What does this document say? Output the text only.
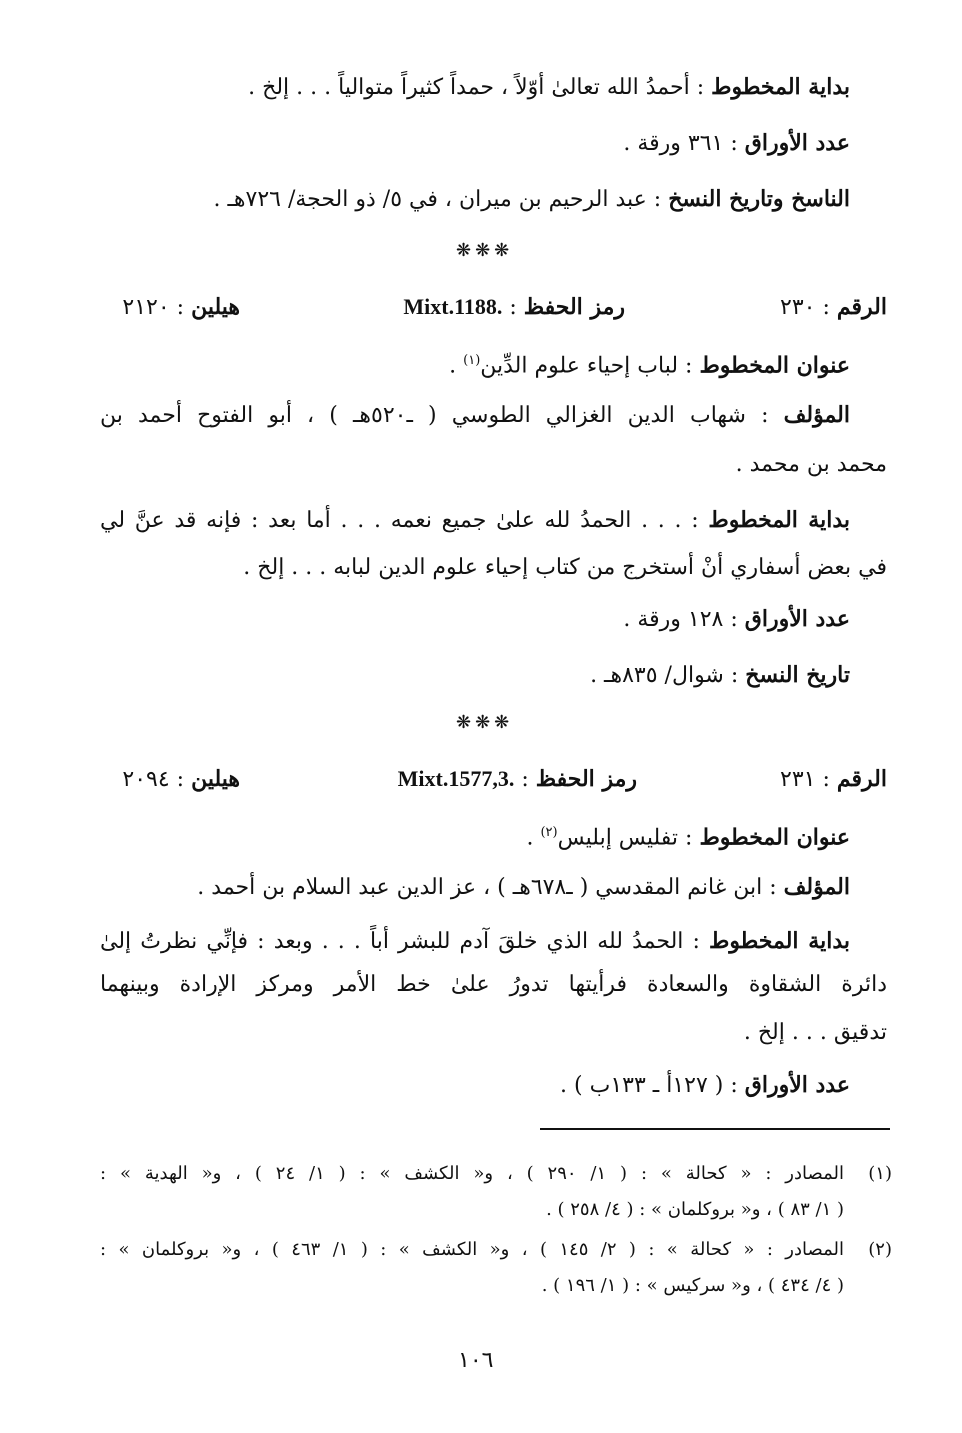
بداية المخطوط : أحمدُ الله تعالىٰ أوّلاً ، حمداً كثيراً متوالياً . . . إلخ .
عدد الأوراق : ٣٦١ ورقة .
الناسخ وتاريخ النسخ : عبد الرحيم بن ميران ، في ٥/ ذو الحجة/ ٧٢٦هـ .
❋❋❋
الرقم : ٢٣٠
رمز الحفظ : Mixt.1188.
هيلين : ٢١٢٠
عنوان المخطوط : لباب إحياء علوم الدِّين$^{(١)}$ .
المؤلف : شهاب الدين الغزالي الطوسي ( ـ٥٢٠هـ ) ، أبو الفتوح أحمد بن
محمد بن محمد .
بداية المخطوط : . . . الحمدُ لله علىٰ جميع نعمه . . . أما بعد : فإنه قد عنَّ لي
في بعض أسفاري أنْ أستخرج من كتاب إحياء علوم الدين لبابه . . . إلخ .
عدد الأوراق : ١٢٨ ورقة .
تاريخ النسخ : شوال/ ٨٣٥هـ .
❋❋❋
الرقم : ٢٣١
رمز الحفظ : Mixt.1577,3.
هيلين : ٢٠٩٤
عنوان المخطوط : تفليس إبليس$^{(٢)}$ .
المؤلف : ابن غانم المقدسي ( ـ٦٧٨هـ ) ، عز الدين عبد السلام بن أحمد .
بداية المخطوط : الحمدُ لله الذي خلقَ آدم للبشر أباً . . . وبعد : فإنِّي نظرتُ إلىٰ
دائرة الشقاوة والسعادة فرأيتها تدورُ علىٰ خط الأمر ومركز الإرادة وبينهما
تدقيق . . . إلخ .
عدد الأوراق : ( ١٢٧أ ـ ١٣٣ب ) .
(١)
المصادر : « كحالة » : ( ١/ ٢٩٠ ) ، و« الكشف » : ( ١/ ٢٤ ) ، و« الهدية » :
( ١/ ٨٣ ) ، و« بروكلمان » : ( ٤/ ٢٥٨ ) .
(٢)
المصادر : « كحالة » : ( ٢/ ١٤٥ ) ، و« الكشف » : ( ١/ ٤٦٣ ) ، و« بروكلمان » :
( ٤/ ٤٣٤ ) ، و« سركيس » : ( ١/ ١٩٦ ) .
١٠٦
